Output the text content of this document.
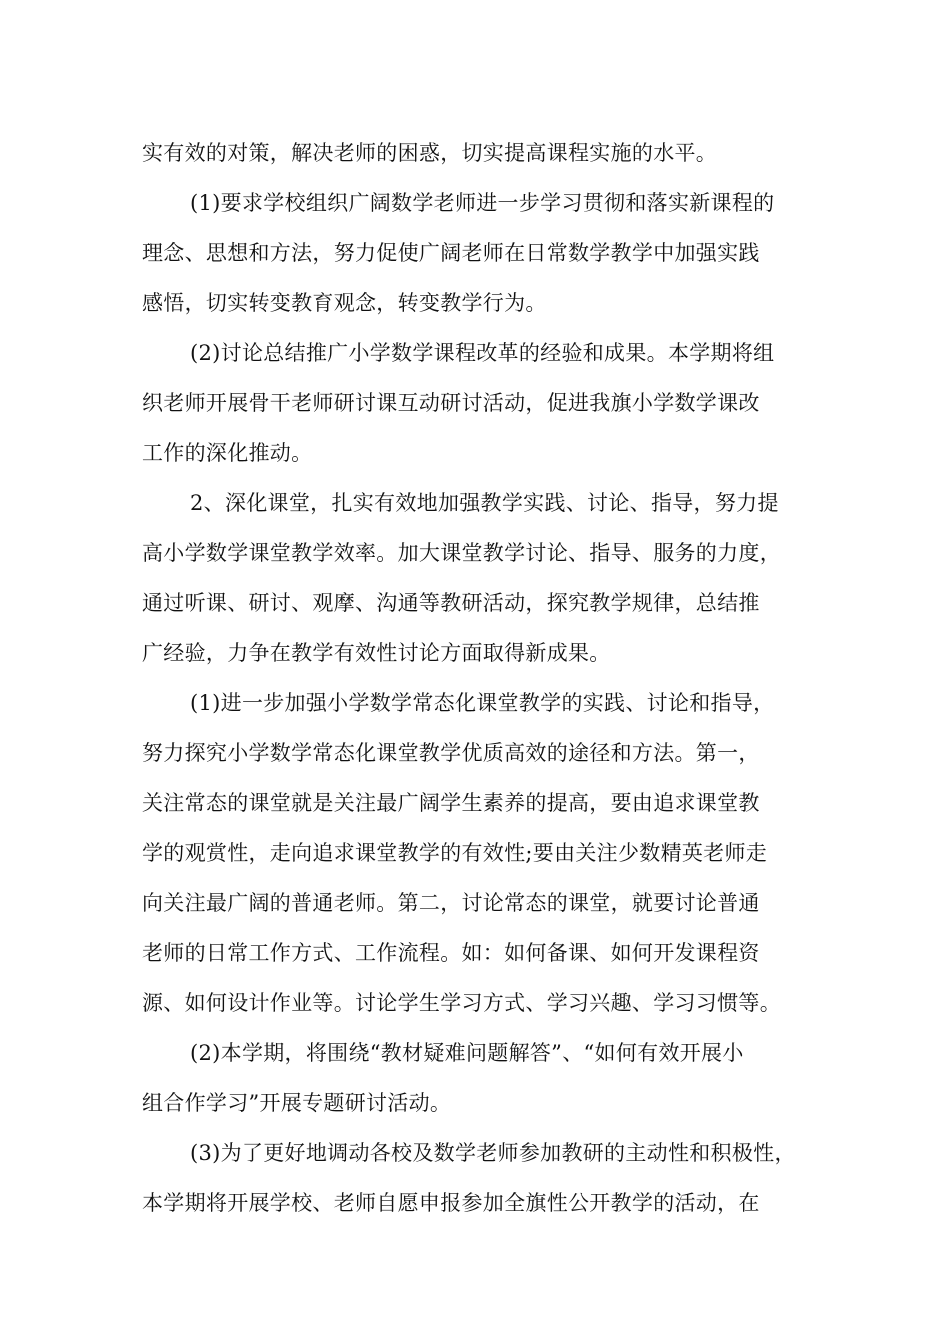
实有效的对策，解决老师的困惑，切实提高课程实施的水平。
(1)要求学校组织广阔数学老师进一步学习贯彻和落实新课程的
理念、思想和方法，努力促使广阔老师在日常数学教学中加强实践
感悟，切实转变教育观念，转变教学行为。
(2)讨论总结推广小学数学课程改革的经验和成果。本学期将组
织老师开展骨干老师研讨课互动研讨活动，促进我旗小学数学课改
工作的深化推动。
2、深化课堂，扎实有效地加强教学实践、讨论、指导，努力提
高小学数学课堂教学效率。加大课堂教学讨论、指导、服务的力度，
通过听课、研讨、观摩、沟通等教研活动，探究教学规律，总结推
广经验，力争在教学有效性讨论方面取得新成果。
(1)进一步加强小学数学常态化课堂教学的实践、讨论和指导，
努力探究小学数学常态化课堂教学优质高效的途径和方法。第一，
关注常态的课堂就是关注最广阔学生素养的提高，要由追求课堂教
学的观赏性，走向追求课堂教学的有效性;要由关注少数精英老师走
向关注最广阔的普通老师。第二，讨论常态的课堂，就要讨论普通
老师的日常工作方式、工作流程。如：如何备课、如何开发课程资
源、如何设计作业等。讨论学生学习方式、学习兴趣、学习习惯等。
(2)本学期，将围绕“教材疑难问题解答”、“如何有效开展小
组合作学习”开展专题研讨活动。
(3)为了更好地调动各校及数学老师参加教研的主动性和积极性，
本学期将开展学校、老师自愿申报参加全旗性公开教学的活动，在
